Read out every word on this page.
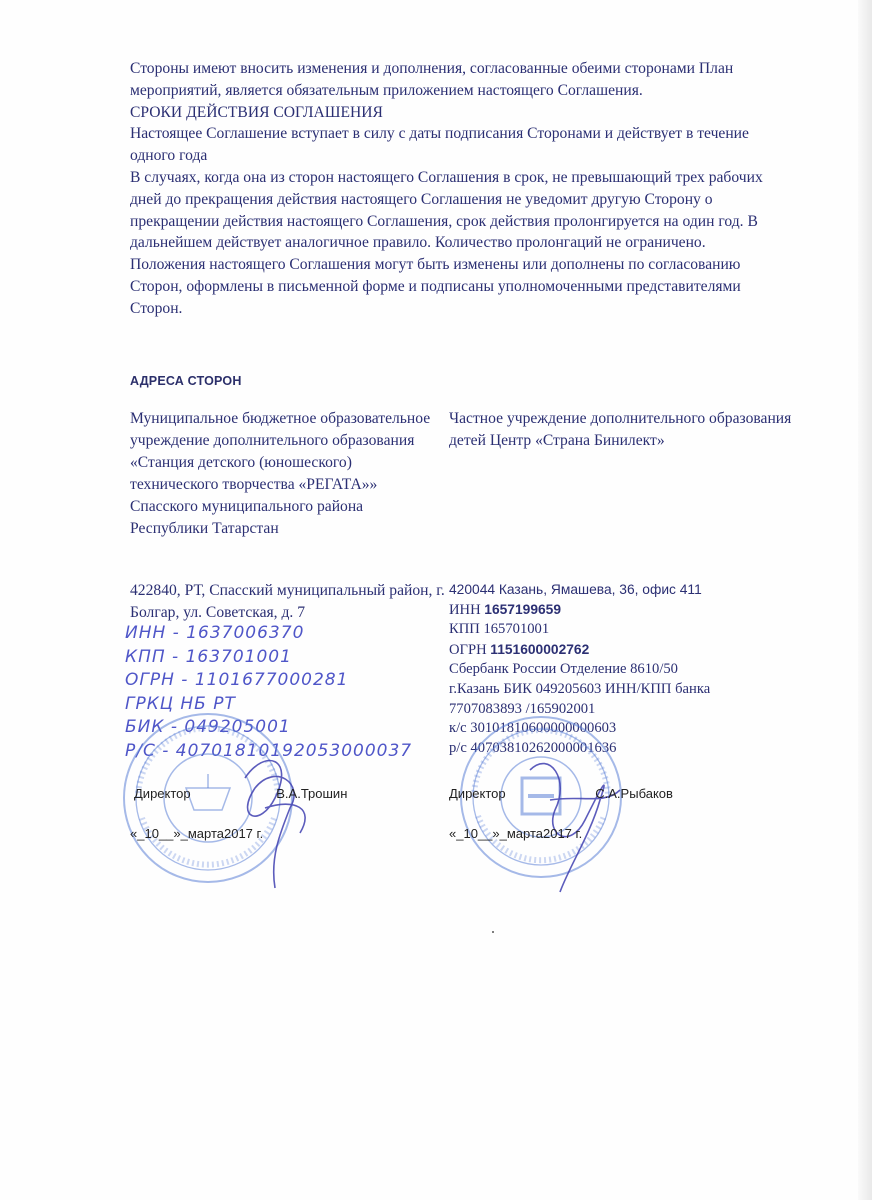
Стороны имеют вносить изменения и дополнения, согласованные обеими сторонами План мероприятий, является обязательным приложением настоящего Соглашения.

СРОКИ ДЕЙСТВИЯ СОГЛАШЕНИЯ

Настоящее Соглашение вступает в силу с даты подписания Сторонами и действует в течение одного года

В случаях, когда она из сторон настоящего Соглашения в срок, не превышающий трех рабочих дней до прекращения действия настоящего Соглашения не уведомит другую Сторону о прекращении действия настоящего Соглашения, срок действия пролонгируется на один год. В дальнейшем действует аналогичное правило. Количество пролонгаций не ограничено.

Положения настоящего Соглашения могут быть изменены или дополнены по согласованию Сторон, оформлены в письменной форме и подписаны уполномоченными представителями Сторон.

АДРЕСА СТОРОН

Муниципальное бюджетное образовательное учреждение дополнительного образования «Станция детского (юношеского) технического творчества «РЕГАТА»» Спасского муниципального района Республики Татарстан

Частное учреждение дополнительного образования детей Центр «Страна Бинилект»

422840, РТ, Спасский муниципальный район, г. Болгар, ул. Советская, д. 7

ИНН - 1637006370
КПП - 163701001
ОГРН - 1101677000281
ГРКЦ НБ РТ
БИК - 049205001
Р/С - 40701810192053000037
420044 Казань, Ямашева, 36, офис 411
ИНН 1657199659
КПП 165701001
ОГРН 1151600002762
Сбербанк России Отделение 8610/50
г.Казань БИК 049205603 ИНН/КПП банка
7707083893 /165902001
к/с 30101810600000000603
р/с 40703810262000001636
Директор	В.А.Трошин	Директор	С.А.Рыбаков
«_10__»_марта2017 г.	«_10__»_марта2017 г.
